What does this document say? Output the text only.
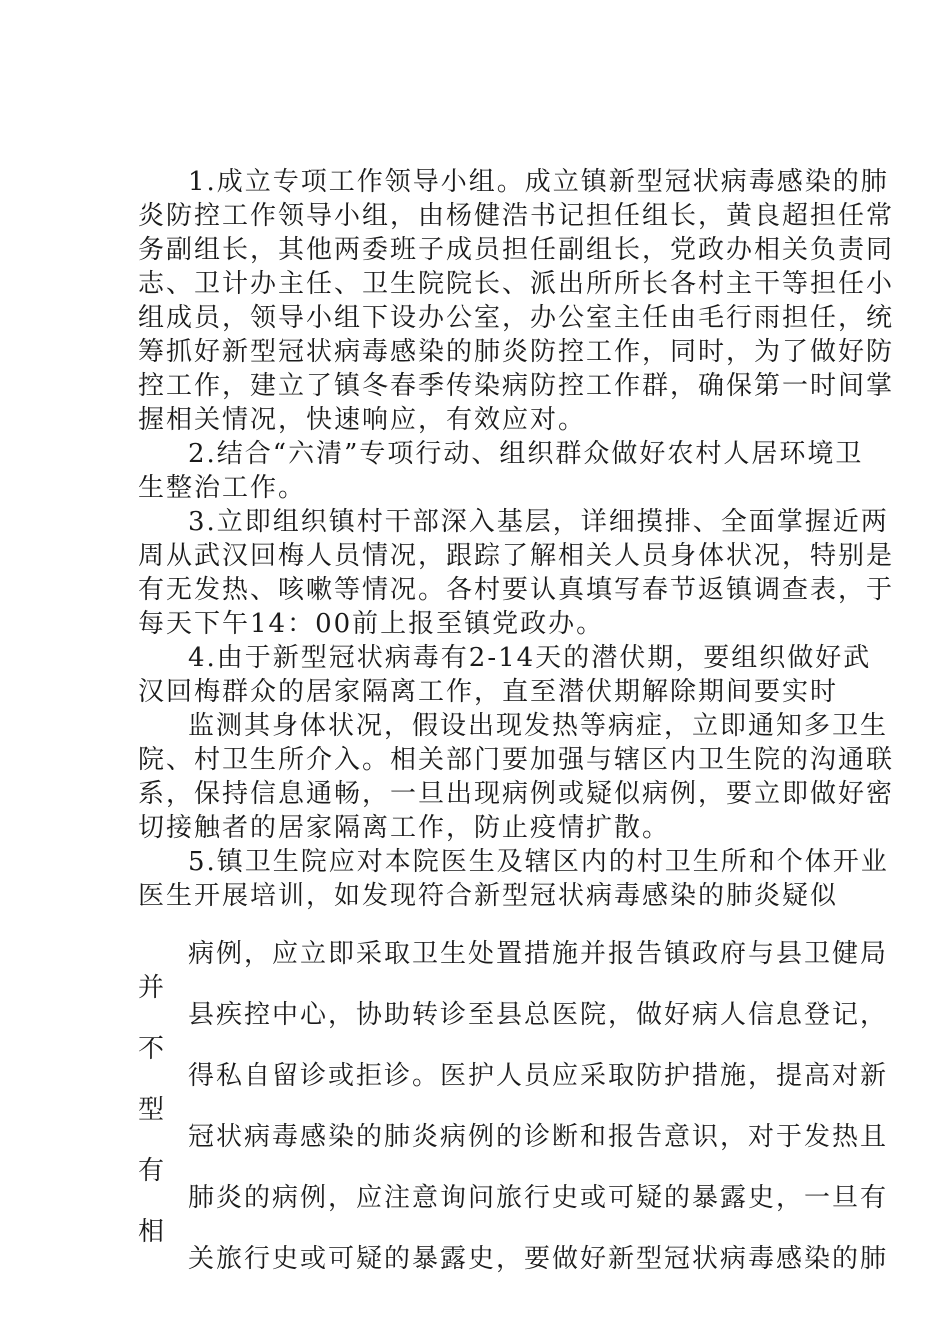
1.成立专项工作领导小组。成立镇新型冠状病毒感染的肺
炎防控工作领导小组，由杨健浩书记担任组长，黄良超担任常
务副组长，其他两委班子成员担任副组长，党政办相关负责同
志、卫计办主任、卫生院院长、派出所所长各村主干等担任小
组成员，领导小组下设办公室，办公室主任由毛行雨担任，统
筹抓好新型冠状病毒感染的肺炎防控工作，同时，为了做好防
控工作，建立了镇冬春季传染病防控工作群，确保第一时间掌
握相关情况，快速响应，有效应对。
2.结合“六清”专项行动、组织群众做好农村人居环境卫
生整治工作。
3.立即组织镇村干部深入基层，详细摸排、全面掌握近两
周从武汉回梅人员情况，跟踪了解相关人员身体状况，特别是
有无发热、咳嗽等情况。各村要认真填写春节返镇调查表，于
每天下午14：00前上报至镇党政办。
4.由于新型冠状病毒有2-14天的潜伏期，要组织做好武
汉回梅群众的居家隔离工作，直至潜伏期解除期间要实时
监测其身体状况，假设出现发热等病症，立即通知多卫生
院、村卫生所介入。相关部门要加强与辖区内卫生院的沟通联
系，保持信息通畅，一旦出现病例或疑似病例，要立即做好密
切接触者的居家隔离工作，防止疫情扩散。
5.镇卫生院应对本院医生及辖区内的村卫生所和个体开业
医生开展培训，如发现符合新型冠状病毒感染的肺炎疑似
病例，应立即采取卫生处置措施并报告镇政府与县卫健局
并
县疾控中心，协助转诊至县总医院，做好病人信息登记，
不
得私自留诊或拒诊。医护人员应采取防护措施，提高对新
型
冠状病毒感染的肺炎病例的诊断和报告意识，对于发热且
有
肺炎的病例，应注意询问旅行史或可疑的暴露史，一旦有
相
关旅行史或可疑的暴露史，要做好新型冠状病毒感染的肺
